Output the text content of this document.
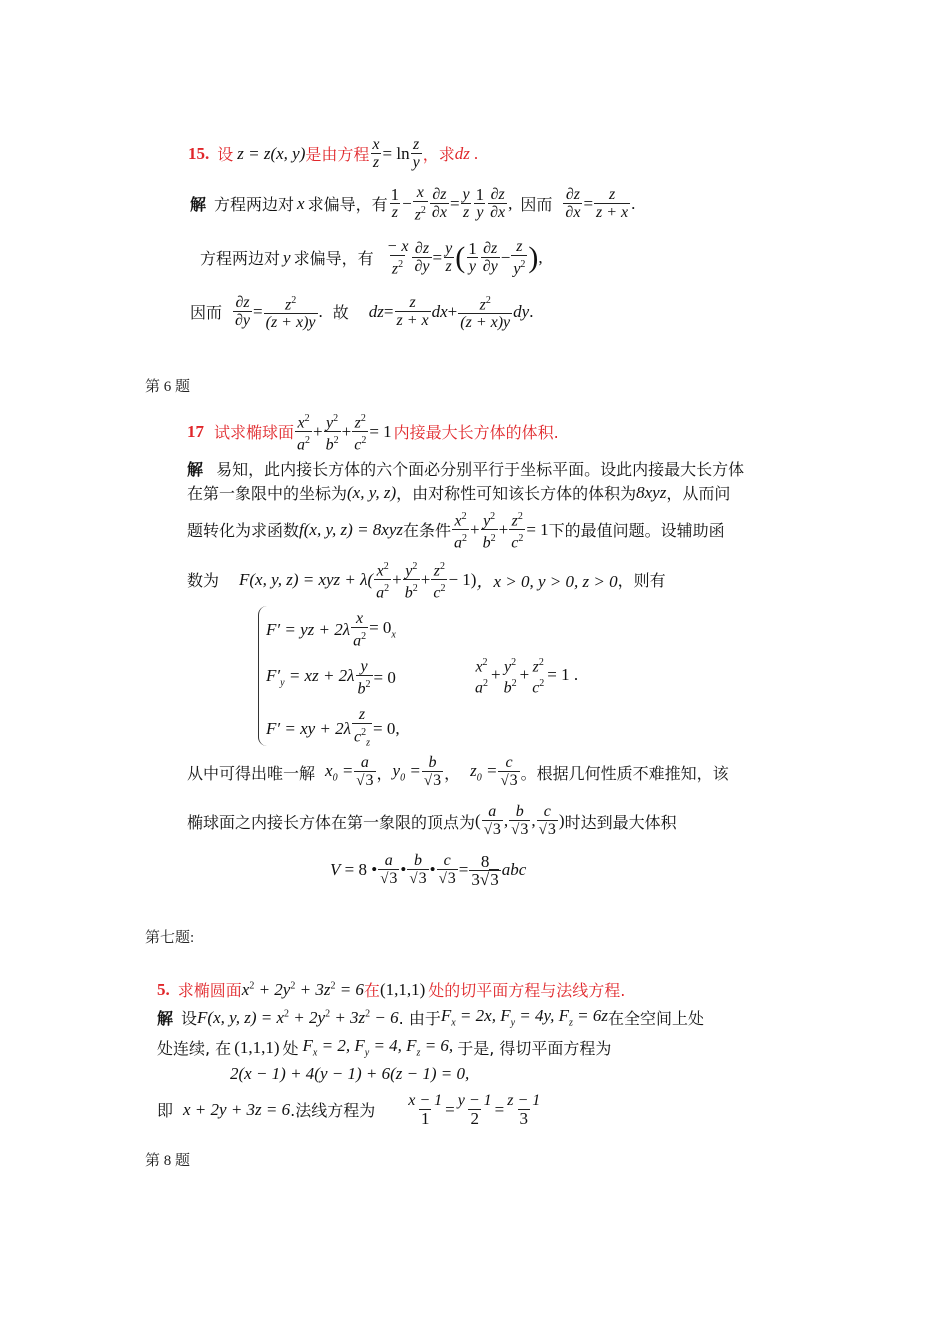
15. 设 z = z(x, y) 是由方程 $\frac{x}{z} = \ln \frac{z}{y}$ ，求 dz .
解 方程两边对 x 求偏导，有 $\frac{1}{z} - \frac{x}{z^2} \frac{\partial z}{\partial x} = \frac{y}{z} \frac{1}{y} \frac{\partial z}{\partial x}$ , 因而 $\frac{\partial z}{\partial x} = \frac{z}{z + x}$ .
方程两边对 y 求偏导，有 $\frac{- x}{z^2} \frac{\partial z}{\partial y} = \frac{y}{z}$ ( $\frac{1}{y} \frac{\partial z}{\partial y} - \frac{z}{y^2}$ ) ,
因而 $\frac{\partial z}{\partial y} = \frac{z^2}{(z + x)y}$ . 故 dz = $\frac{z}{z + x}$ dx + $\frac{z^2}{(z + x)y}$ dy .
第 6 题
17 试求椭球面 $\frac{x^2}{a^2} + \frac{y^2}{b^2} + \frac{z^2}{c^2} = 1$ 内接最大长方体的体积.
解 易知，此内接长方体的六个面必分别平行于坐标平面。设此内接最大长方体
在第一象限中的坐标为 (x, y, z) ，由对称性可知该长方体的体积为 8xyz ，从而问
题转化为求函数 f(x, y, z) = 8xyz 在条件 $\frac{x^2}{a^2} + \frac{y^2}{b^2} + \frac{z^2}{c^2} = 1$ 下的最值问题。设辅助函
数为 F(x, y, z) = xyz + $\lambda( \frac{x^2}{a^2} + \frac{y^2}{b^2} + \frac{z^2}{c^2} - 1)$ ，x > 0, y > 0, z > 0 ，则有
F′ = yz + $2\lambda \frac{x}{a^2} = 0_x$
$F'_y$ = xz + $2\lambda \frac{y}{b^2} = 0$
F′ = xy + $2\lambda \frac{z}{c^2_z} = 0$,
$x^2$
$a^2 + y^2$
$b^2 + z^2$
$c^2 = 1$ .
从中可得出唯一解 $x_0 = \frac{a}{√3}$ ， $y_0 = \frac{b}{√3}$ ， $z_0 = \frac{c}{√3}$ 。根据几何性质不难推知，该
椭球面之内接长方体在第一象限的顶点为 ( $\frac{a}{√3}$ , $\frac{b}{√3}$ , $\frac{c}{√3}$ ) 时达到最大体积
V = 8 • $\frac{a}{√3}$ • $\frac{b}{√3}$ • $\frac{c}{√3} = \frac{8}{3√3}$ abc
第七题:
5. 求椭圆面 $x^2 + 2y^2 + 3z^2 = 6$ 在 (1,1,1) 处的切平面方程与法线方程.
解 设 F(x, y, $z) = x^2 + 2y^2 + 3z^2 - 6$ . 由于 $F_x = 2x$, $F_y = 4y$, $F_z = 6z$ 在全空间上处
处连续, 在 (1,1,1) 处 $F_x = 2$, $F_y = 4$, $F_z = 6$, 于是, 得切平面方程为
2(x − 1) + 4(y − 1) + 6(z − 1) = 0,
即 x + 2y + 3z = 6 .法线方程为 $\frac{x - 1}{1} = \frac{y - 1}{2} = \frac{z - 1}{3}$
第 8 题
